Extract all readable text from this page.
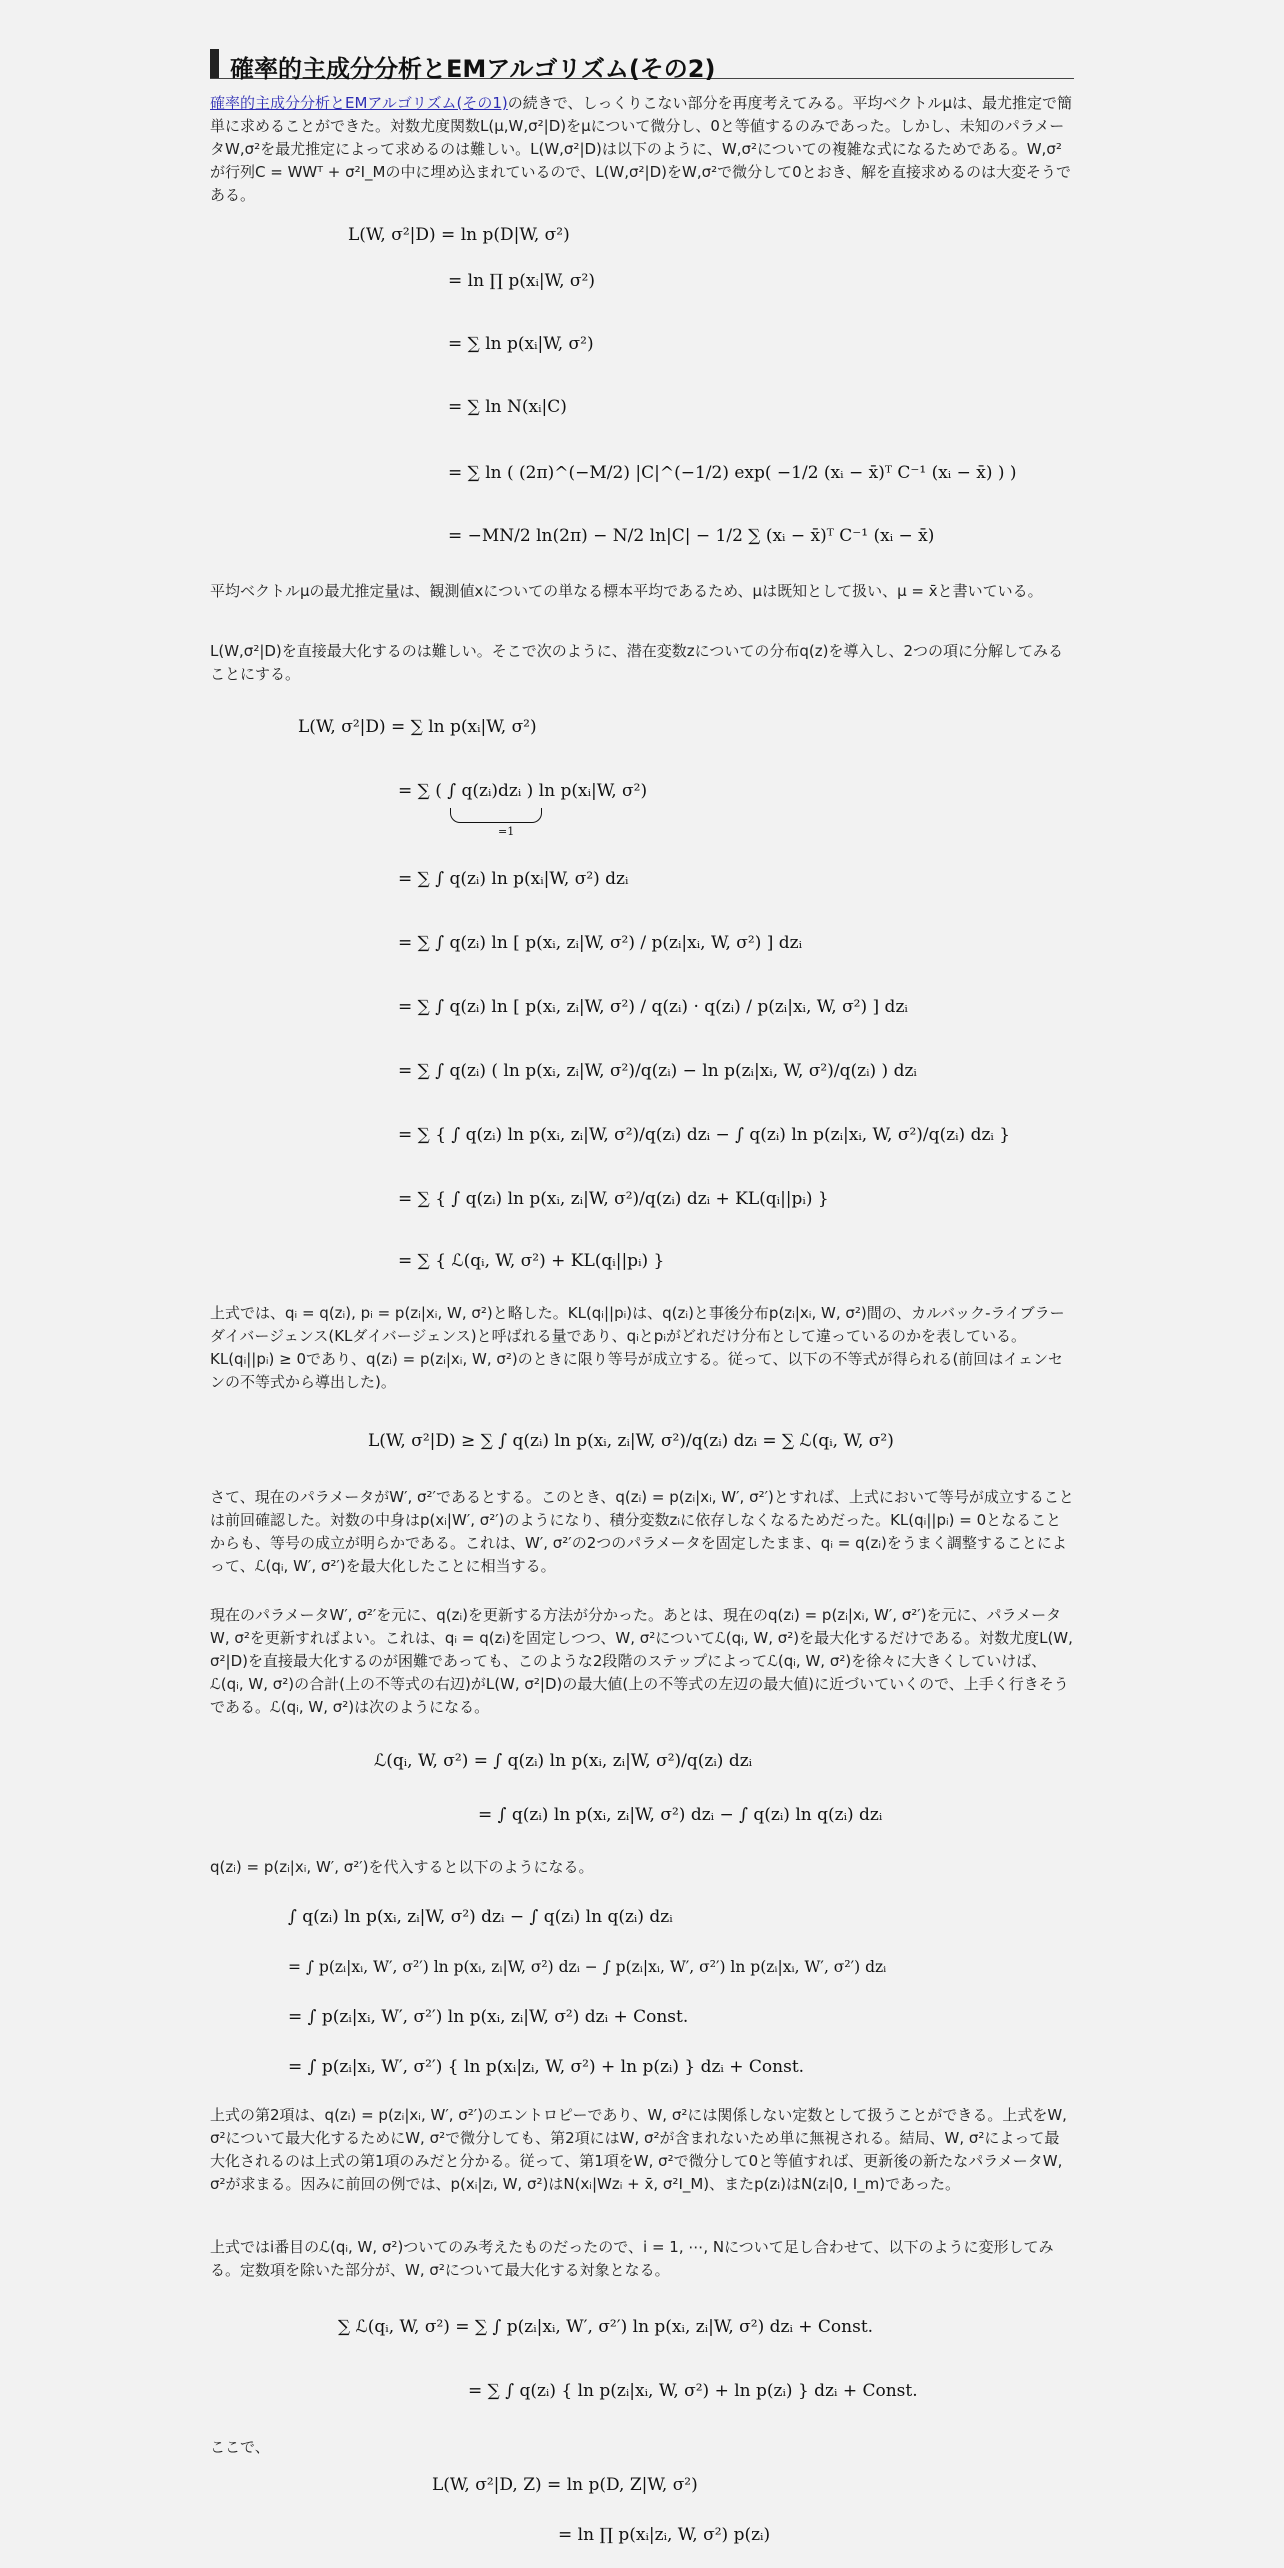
確率的主成分分析とEMアルゴリズム(その2)

確率的主成分分析とEMアルゴリズム(その1)の続きで、しっくりこない部分を再度考えてみる。平均ベクトルμは、最尤推定で簡単に求めることができた。対数尤度関数L(μ,W,σ²|D)をμについて微分し、0と等値するのみであった。しかし、未知のパラメータW,σ²を最尤推定によって求めるのは難しい。L(W,σ²|D)は以下のように、W,σ²についての複雑な式になるためである。W,σ²が行列C = WWᵀ + σ²I_Mの中に埋め込まれているので、L(W,σ²|D)をW,σ²で微分して0とおき、解を直接求めるのは大変そうである。

L(W, σ²|D) = ln p(D|W, σ²)
= ln ∏ p(xᵢ|W, σ²)
= ∑ ln p(xᵢ|W, σ²)
= ∑ ln N(xᵢ|C)
= ∑ ln ( (2π)^(−M/2) |C|^(−1/2) exp( −1/2 (xᵢ − x̄)ᵀ C⁻¹ (xᵢ − x̄) ) )
= −MN/2 ln(2π) − N/2 ln|C| − 1/2 ∑ (xᵢ − x̄)ᵀ C⁻¹ (xᵢ − x̄)

平均ベクトルμの最尤推定量は、観測値xについての単なる標本平均であるため、μは既知として扱い、μ = x̄と書いている。

L(W,σ²|D)を直接最大化するのは難しい。そこで次のように、潜在変数zについての分布q(z)を導入し、2つの項に分解してみることにする。

L(W, σ²|D) = ∑ ln p(xᵢ|W, σ²)
= ∑ ( ∫ q(zᵢ)dzᵢ ) ln p(xᵢ|W, σ²)
=1
= ∑ ∫ q(zᵢ) ln p(xᵢ|W, σ²) dzᵢ
= ∑ ∫ q(zᵢ) ln [ p(xᵢ, zᵢ|W, σ²) / p(zᵢ|xᵢ, W, σ²) ] dzᵢ
= ∑ ∫ q(zᵢ) ln [ p(xᵢ, zᵢ|W, σ²) / q(zᵢ) · q(zᵢ) / p(zᵢ|xᵢ, W, σ²) ] dzᵢ
= ∑ ∫ q(zᵢ) ( ln p(xᵢ, zᵢ|W, σ²)/q(zᵢ) − ln p(zᵢ|xᵢ, W, σ²)/q(zᵢ) ) dzᵢ
= ∑ { ∫ q(zᵢ) ln p(xᵢ, zᵢ|W, σ²)/q(zᵢ) dzᵢ − ∫ q(zᵢ) ln p(zᵢ|xᵢ, W, σ²)/q(zᵢ) dzᵢ }
= ∑ { ∫ q(zᵢ) ln p(xᵢ, zᵢ|W, σ²)/q(zᵢ) dzᵢ + KL(qᵢ||pᵢ) }
= ∑ { ℒ(qᵢ, W, σ²) + KL(qᵢ||pᵢ) }

上式では、qᵢ = q(zᵢ), pᵢ = p(zᵢ|xᵢ, W, σ²)と略した。KL(qᵢ||pᵢ)は、q(zᵢ)と事後分布p(zᵢ|xᵢ, W, σ²)間の、カルバック-ライブラーダイバージェンス(KLダイバージェンス)と呼ばれる量であり、qᵢとpᵢがどれだけ分布として違っているのかを表している。KL(qᵢ||pᵢ) ≥ 0であり、q(zᵢ) = p(zᵢ|xᵢ, W, σ²)のときに限り等号が成立する。従って、以下の不等式が得られる(前回はイェンセンの不等式から導出した)。

L(W, σ²|D) ≥ ∑ ∫ q(zᵢ) ln p(xᵢ, zᵢ|W, σ²)/q(zᵢ) dzᵢ = ∑ ℒ(qᵢ, W, σ²)

さて、現在のパラメータがW′, σ²′であるとする。このとき、q(zᵢ) = p(zᵢ|xᵢ, W′, σ²′)とすれば、上式において等号が成立することは前回確認した。対数の中身はp(xᵢ|W′, σ²′)のようになり、積分変数zᵢに依存しなくなるためだった。KL(qᵢ||pᵢ) = 0となることからも、等号の成立が明らかである。これは、W′, σ²′の2つのパラメータを固定したまま、qᵢ = q(zᵢ)をうまく調整することによって、ℒ(qᵢ, W′, σ²′)を最大化したことに相当する。

現在のパラメータW′, σ²′を元に、q(zᵢ)を更新する方法が分かった。あとは、現在のq(zᵢ) = p(zᵢ|xᵢ, W′, σ²′)を元に、パラメータW, σ²を更新すればよい。これは、qᵢ = q(zᵢ)を固定しつつ、W, σ²についてℒ(qᵢ, W, σ²)を最大化するだけである。対数尤度L(W, σ²|D)を直接最大化するのが困難であっても、このような2段階のステップによってℒ(qᵢ, W, σ²)を徐々に大きくしていけば、ℒ(qᵢ, W, σ²)の合計(上の不等式の右辺)がL(W, σ²|D)の最大値(上の不等式の左辺の最大値)に近づいていくので、上手く行きそうである。ℒ(qᵢ, W, σ²)は次のようになる。

ℒ(qᵢ, W, σ²) = ∫ q(zᵢ) ln p(xᵢ, zᵢ|W, σ²)/q(zᵢ) dzᵢ
= ∫ q(zᵢ) ln p(xᵢ, zᵢ|W, σ²) dzᵢ − ∫ q(zᵢ) ln q(zᵢ) dzᵢ

q(zᵢ) = p(zᵢ|xᵢ, W′, σ²′)を代入すると以下のようになる。

∫ q(zᵢ) ln p(xᵢ, zᵢ|W, σ²) dzᵢ − ∫ q(zᵢ) ln q(zᵢ) dzᵢ
= ∫ p(zᵢ|xᵢ, W′, σ²′) ln p(xᵢ, zᵢ|W, σ²) dzᵢ − ∫ p(zᵢ|xᵢ, W′, σ²′) ln p(zᵢ|xᵢ, W′, σ²′) dzᵢ
= ∫ p(zᵢ|xᵢ, W′, σ²′) ln p(xᵢ, zᵢ|W, σ²) dzᵢ + Const.
= ∫ p(zᵢ|xᵢ, W′, σ²′) { ln p(xᵢ|zᵢ, W, σ²) + ln p(zᵢ) } dzᵢ + Const.

上式の第2項は、q(zᵢ) = p(zᵢ|xᵢ, W′, σ²′)のエントロピーであり、W, σ²には関係しない定数として扱うことができる。上式をW, σ²について最大化するためにW, σ²で微分しても、第2項にはW, σ²が含まれないため単に無視される。結局、W, σ²によって最大化されるのは上式の第1項のみだと分かる。従って、第1項をW, σ²で微分して0と等値すれば、更新後の新たなパラメータW, σ²が求まる。因みに前回の例では、p(xᵢ|zᵢ, W, σ²)はN(xᵢ|Wzᵢ + x̄, σ²I_M)、またp(zᵢ)はN(zᵢ|0, I_m)であった。

上式ではi番目のℒ(qᵢ, W, σ²)ついてのみ考えたものだったので、i = 1, ⋯, Nについて足し合わせて、以下のように変形してみる。定数項を除いた部分が、W, σ²について最大化する対象となる。

∑ ℒ(qᵢ, W, σ²) = ∑ ∫ p(zᵢ|xᵢ, W′, σ²′) ln p(xᵢ, zᵢ|W, σ²) dzᵢ + Const.
= ∑ ∫ q(zᵢ) { ln p(zᵢ|xᵢ, W, σ²) + ln p(zᵢ) } dzᵢ + Const.

ここで、

L(W, σ²|D, Z) = ln p(D, Z|W, σ²)
= ln ∏ p(xᵢ|zᵢ, W, σ²) p(zᵢ)
